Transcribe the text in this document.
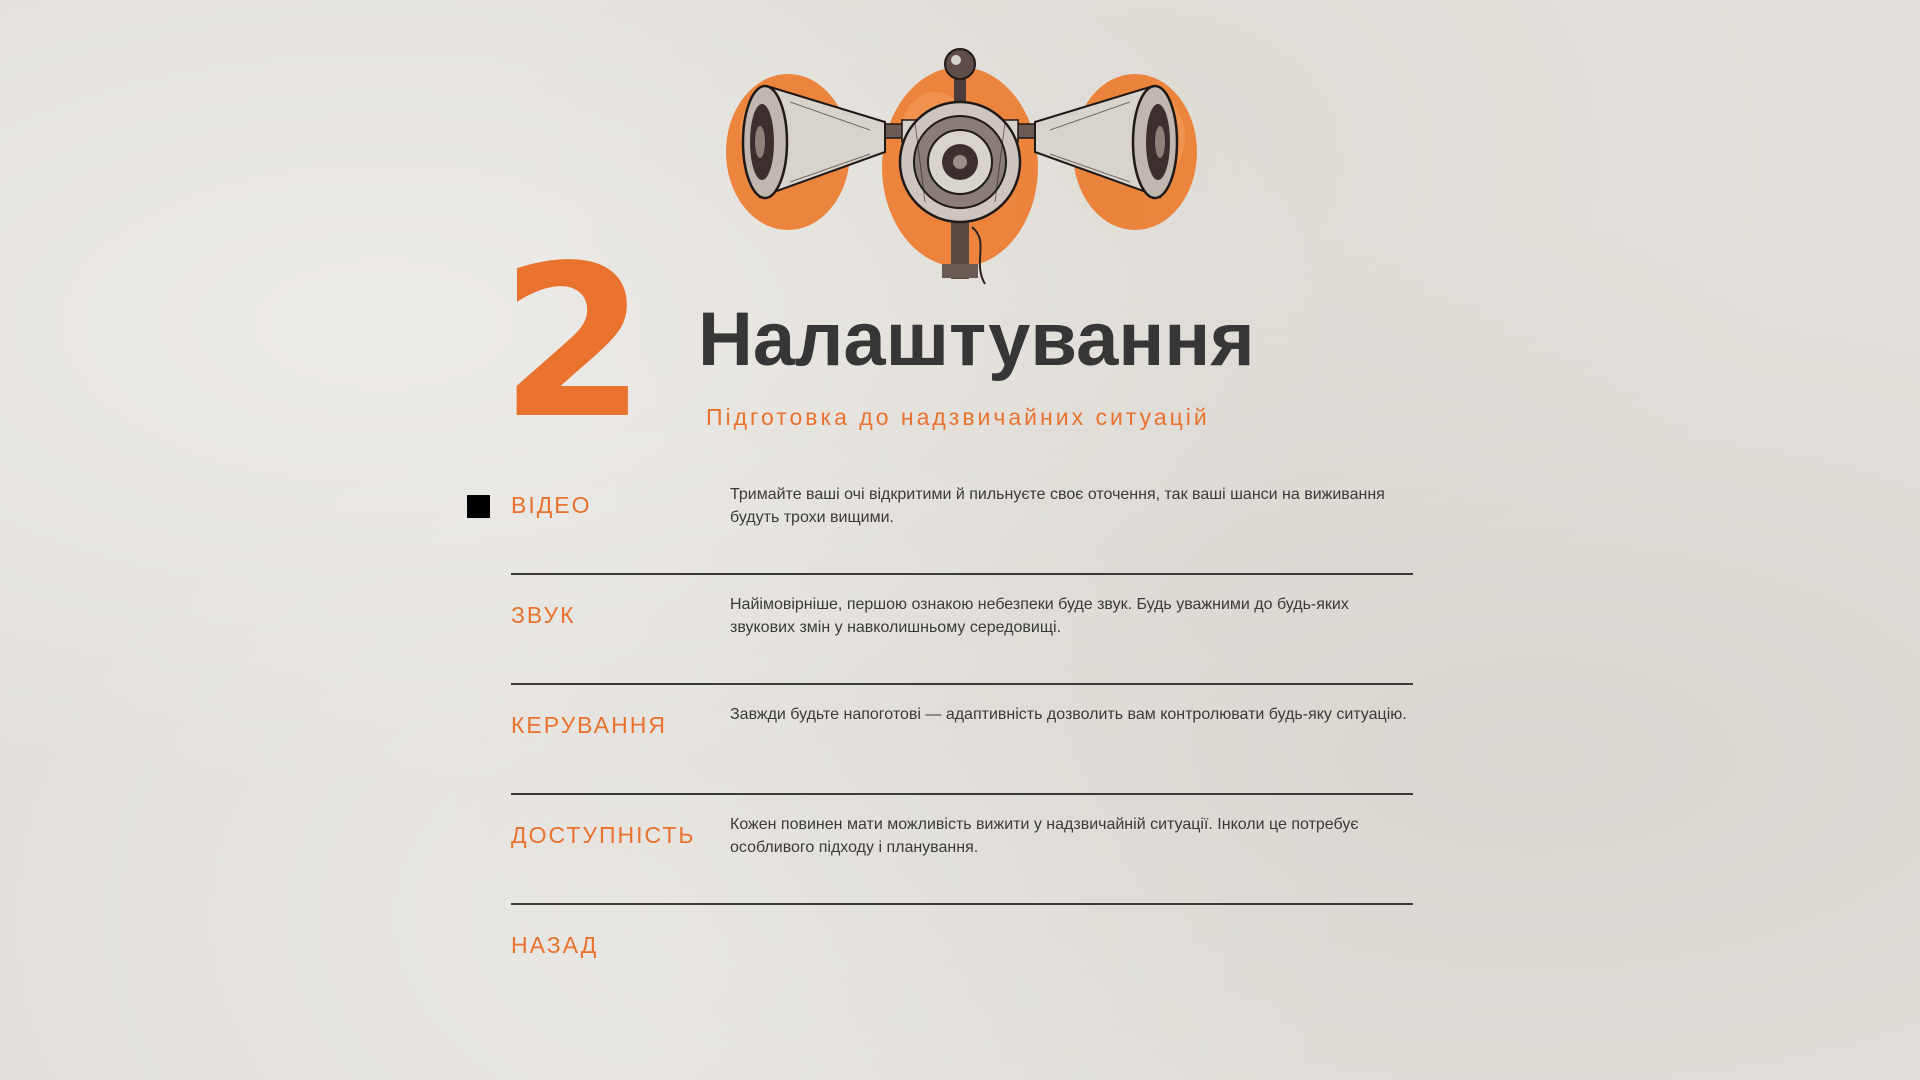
2 Налаштування
Підготовка до надзвичайних ситуацій
ВІДЕО	Тримайте ваші очі відкритими й пильнуєте своє оточення, так ваші шанси на виживання будуть трохи вищими.
ЗВУК	Найімовірніше, першою ознакою небезпеки буде звук. Будь уважними до будь-яких звукових змін у навколишньому середовищі.
КЕРУВАННЯ	Завжди будьте напоготові — адаптивність дозволить вам контролювати будь-яку ситуацію.
ДОСТУПНІСТЬ Кожен повинен мати можливість вижити у надзвичайній ситуації. Інколи це потребує особливого підходу і планування.
НАЗАД
